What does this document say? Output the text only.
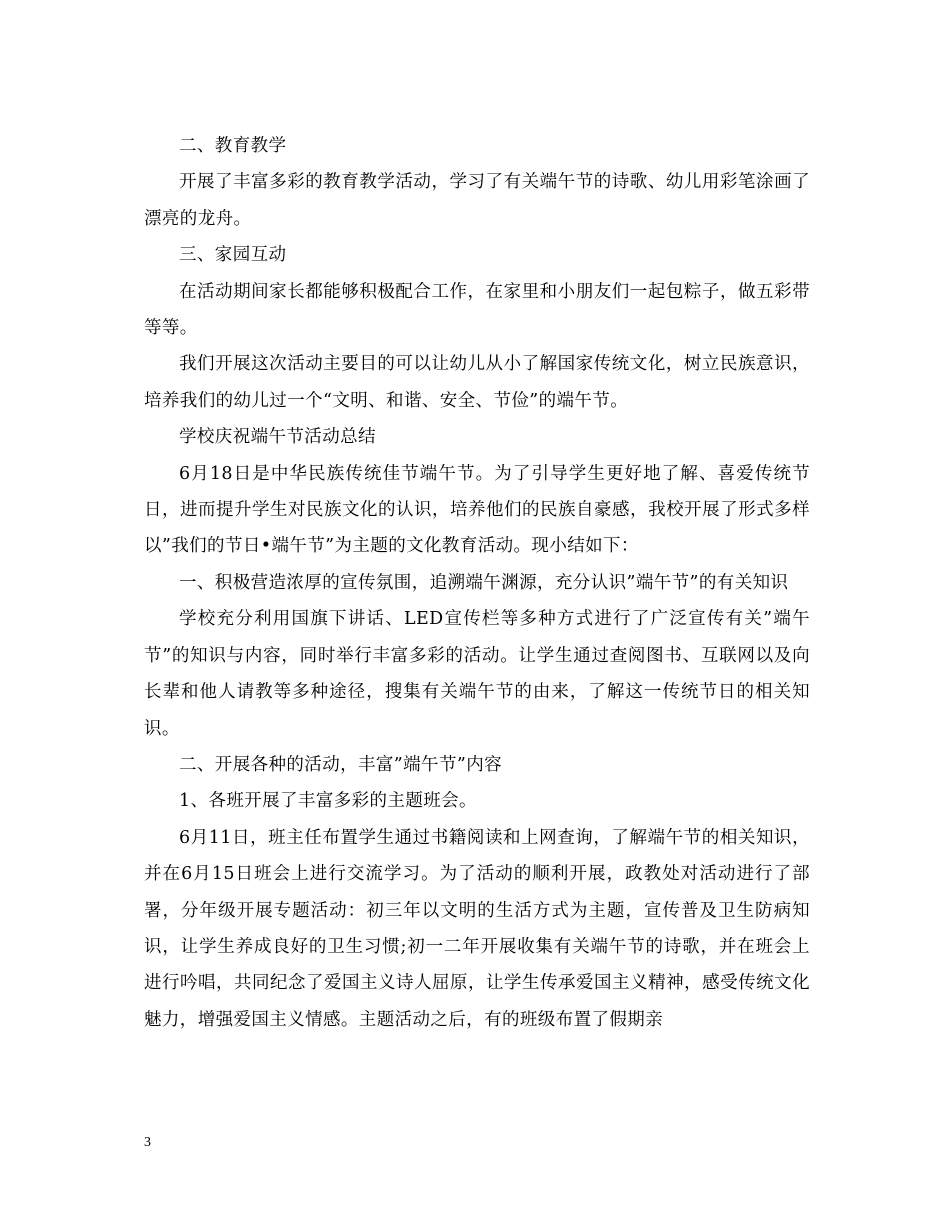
二、教育教学

开展了丰富多彩的教育教学活动，学习了有关端午节的诗歌、幼儿用彩笔涂画了漂亮的龙舟。

三、家园互动

在活动期间家长都能够积极配合工作，在家里和小朋友们一起包粽子，做五彩带等等。

我们开展这次活动主要目的可以让幼儿从小了解国家传统文化，树立民族意识，培养我们的幼儿过一个“文明、和谐、安全、节俭”的端午节。

学校庆祝端午节活动总结

6月18日是中华民族传统佳节端午节。为了引导学生更好地了解、喜爱传统节日，进而提升学生对民族文化的认识，培养他们的民族自豪感，我校开展了形式多样以”我们的节日•端午节”为主题的文化教育活动。现小结如下：

一、积极营造浓厚的宣传氛围，追溯端午渊源，充分认识”端午节”的有关知识

学校充分利用国旗下讲话、LED宣传栏等多种方式进行了广泛宣传有关”端午节”的知识与内容，同时举行丰富多彩的活动。让学生通过查阅图书、互联网以及向长辈和他人请教等多种途径，搜集有关端午节的由来，了解这一传统节日的相关知识。

二、开展各种的活动，丰富”端午节”内容

1、各班开展了丰富多彩的主题班会。

6月11日，班主任布置学生通过书籍阅读和上网查询，了解端午节的相关知识，并在6月15日班会上进行交流学习。为了活动的顺利开展，政教处对活动进行了部署，分年级开展专题活动：初三年以文明的生活方式为主题，宣传普及卫生防病知识，让学生养成良好的卫生习惯;初一二年开展收集有关端午节的诗歌，并在班会上进行吟唱，共同纪念了爱国主义诗人屈原，让学生传承爱国主义精神，感受传统文化魅力，增强爱国主义情感。主题活动之后，有的班级布置了假期亲

3
